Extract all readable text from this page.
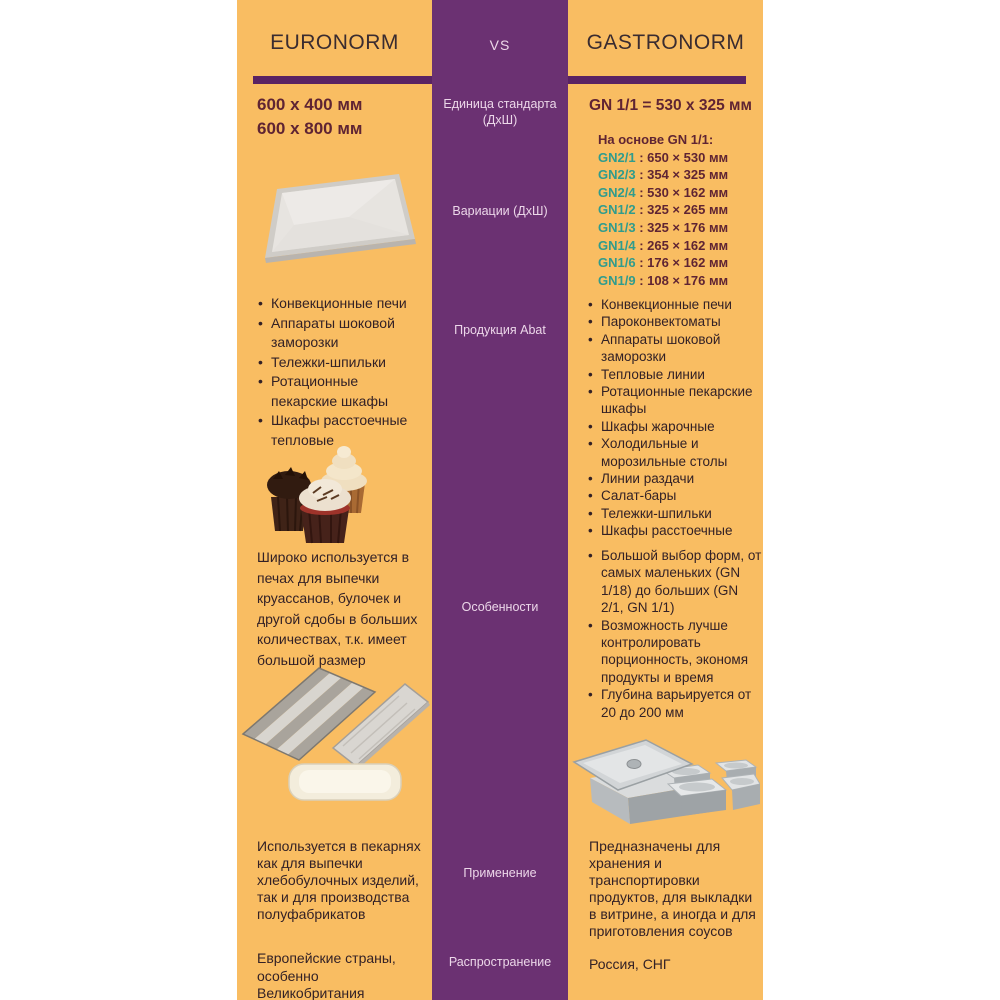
EURONORM
600 x 400 мм
600 x 800 мм
• Конвекционные печи
• Аппараты шоковой заморозки
• Тележки-шпильки
• Ротационные пекарские шкафы
• Шкафы расстоечные тепловые
Широко используется в печах для выпечки круассанов, булочек и другой сдобы в больших количествах, т.к. имеет большой размер
Используется в пекарнях как для выпечки хлебобулочных изделий, так и для производства полуфабрикатов
Европейские страны, особенно Великобритания
VS
Единица стандарта (ДхШ)
Вариации (ДхШ)
Продукция Abat
Особенности
Применение
Распространение
GASTRONORM
GN 1/1 = 530 x 325 мм
На основе GN 1/1:
GN2/1 : 650 × 530 мм
GN2/3 : 354 × 325 мм
GN2/4 : 530 × 162 мм
GN1/2 : 325 × 265 мм
GN1/3 : 325 × 176 мм
GN1/4 : 265 × 162 мм
GN1/6 : 176 × 162 мм
GN1/9 : 108 × 176 мм
• Конвекционные печи
• Пароконвектоматы
• Аппараты шоковой заморозки
• Тепловые линии
• Ротационные пекарские шкафы
• Шкафы жарочные
• Холодильные и морозильные столы
• Линии раздачи
• Салат-бары
• Тележки-шпильки
• Шкафы расстоечные
• Большой выбор форм, от самых маленьких (GN 1/18) до больших (GN 2/1, GN 1/1)
• Возможность лучше контролировать порционность, экономя продукты и время
• Глубина варьируется от 20 до 200 мм
Предназначены для хранения и транспортировки продуктов, для выкладки в витрине, а иногда и для приготовления соусов
Россия, СНГ
